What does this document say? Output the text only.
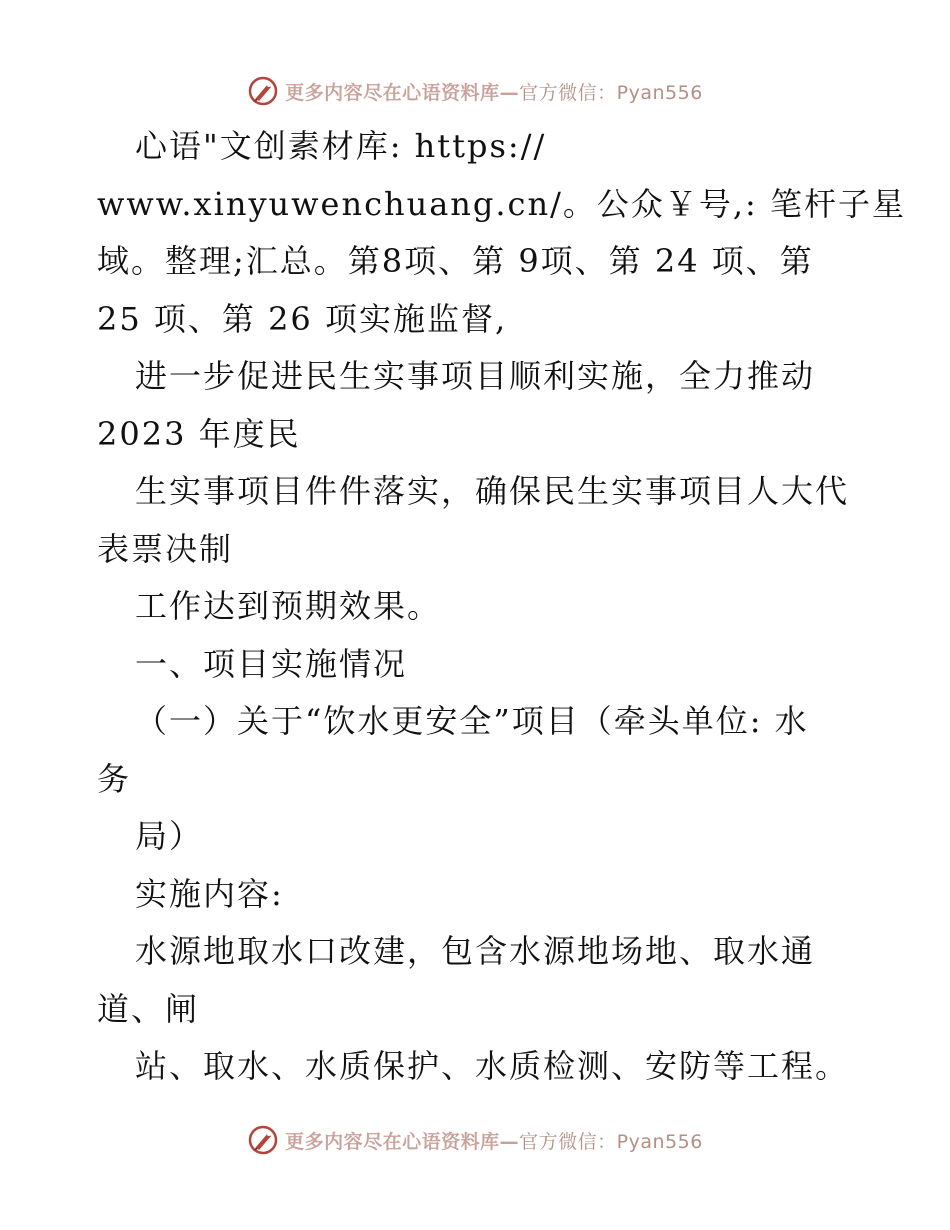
更多内容尽在心语资料库—官方微信：Pyan556
心语"文创素材库: https://
www.xinyuwenchuang.cn/。公众￥号,: 笔杆子星
域。整理;汇总。第8项、第 9项、第 24 项、第
25 项、第 26 项实施监督,
进一步促进民生实事项目顺利实施，全力推动
2023 年度民
生实事项目件件落实，确保民生实事项目人大代
表票决制
工作达到预期效果。
一、项目实施情况
（一）关于“饮水更安全”项目（牵头单位: 水
务
局）
实施内容:
水源地取水口改建，包含水源地场地、取水通
道、闸
站、取水、水质保护、水质检测、安防等工程。
更多内容尽在心语资料库—官方微信：Pyan556
